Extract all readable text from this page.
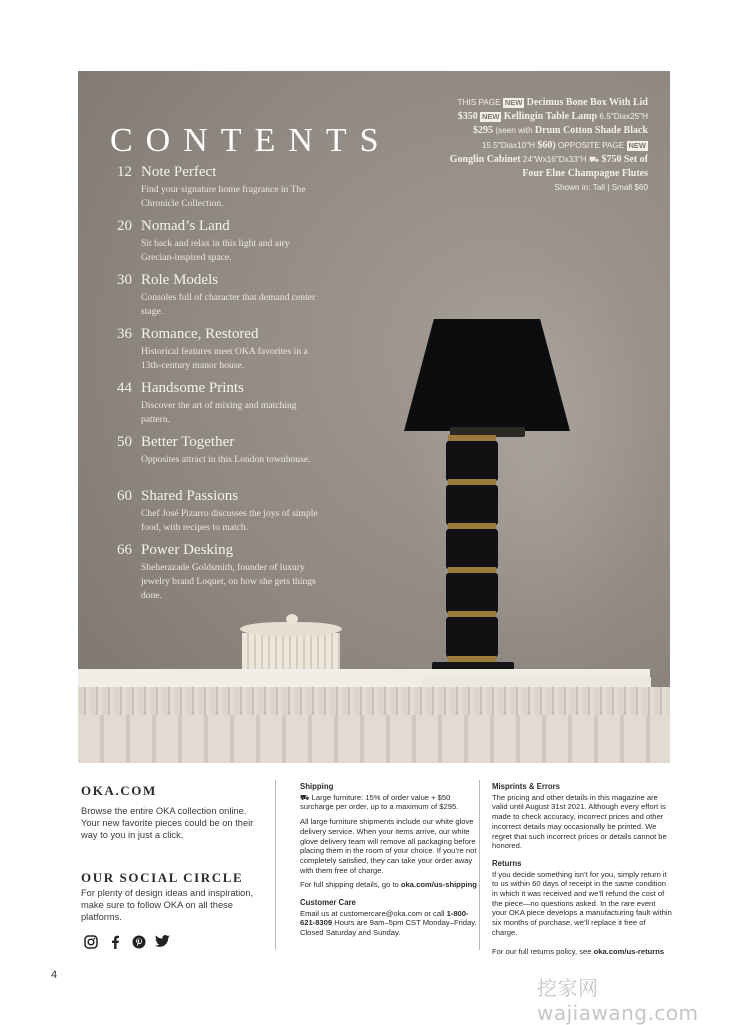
CONTENTS
12 Note Perfect
Find your signature home fragrance in The Chronicle Collection.
20 Nomad’s Land
Sit back and relax in this light and airy Grecian-inspired space.
30 Role Models
Consoles full of character that demand center stage.
36 Romance, Restored
Historical features meet OKA favorites in a 13th-century manor house.
44 Handsome Prints
Discover the art of mixing and matching pattern.
50 Better Together
Opposites attract in this London townhouse.
60 Shared Passions
Chef José Pizarro discusses the joys of simple food, with recipes to match.
66 Power Desking
Sheherazade Goldsmith, founder of luxury jewelry brand Loquet, on how she gets things done.
THIS PAGE NEW Decimus Bone Box With Lid $350 NEW Kellingin Table Lamp 6.5"Diax25"H $295 (seen with Drum Cotton Shade Black 15.5"Diax10"H $60) OPPOSITE PAGE NEW Gonglin Cabinet 24"Wx16"Dx33"H ⛟ $750 Set of Four Elne Champagne Flutes
Shown in: Tall | Small $60
OKA.COM

Browse the entire OKA collection online. Your new favorite pieces could be on their way to you in just a click.

OUR SOCIAL CIRCLE

For plenty of design ideas and inspiration, make sure to follow OKA on all these platforms.

Shipping

⛟ Large furniture: 15% of order value + $50 surcharge per order, up to a maximum of $295.

All large furniture shipments include our white glove delivery service. When your items arrive, our white glove delivery team will remove all packaging before placing them in the room of your choice. If you’re not completely satisfied, they can take your order away with them free of charge.

For full shipping details, go to oka.com/us-shipping

Customer Care

Email us at customercare@oka.com or call 1-800-621-8309 Hours are 9am–5pm CST Monday–Friday. Closed Saturday and Sunday.

Misprints & Errors

The pricing and other details in this magazine are valid until August 31st 2021. Although every effort is made to check accuracy, incorrect prices and other incorrect details may occasionally be printed. We regret that such incorrect prices or details cannot be honored.

Returns

If you decide something isn’t for you, simply return it to us within 60 days of receipt in the same condition in which it was received and we’ll refund the cost of the piece—no questions asked. In the rare event your OKA piece develops a manufacturing fault within six months of purchase, we’ll replace it free of charge.

For our full returns policy, see oka.com/us-returns

4
挖家网 wajiawang.com
